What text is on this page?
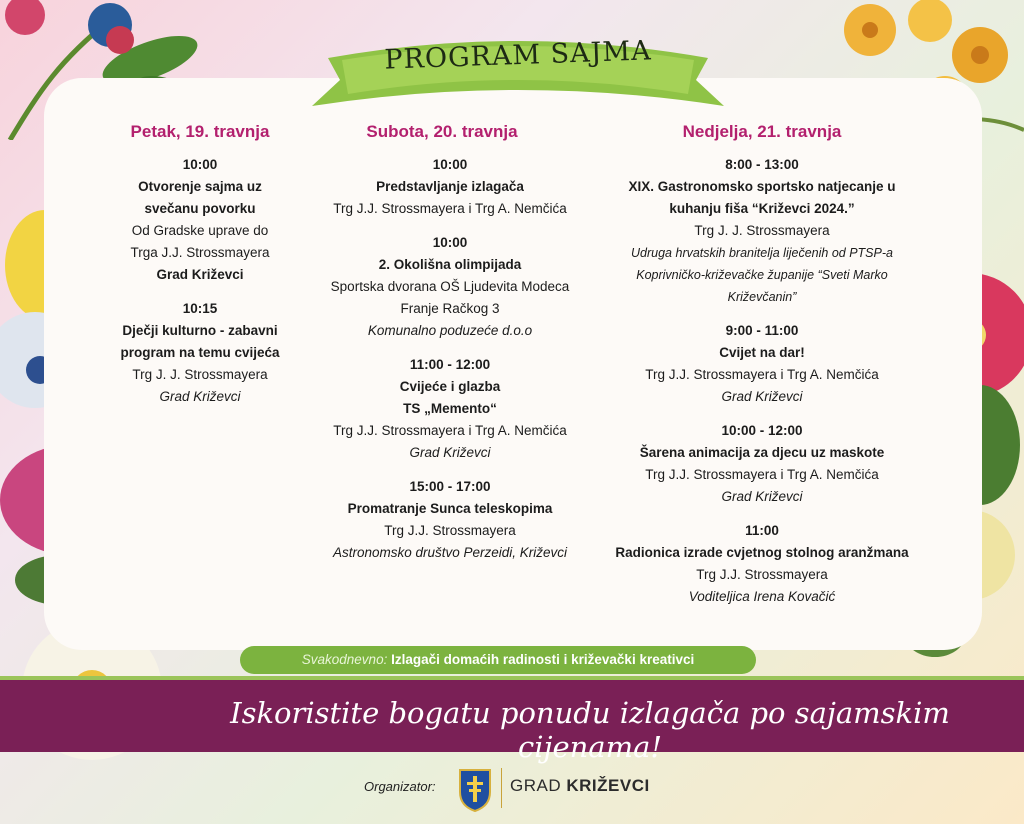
PROGRAM SAJMA
Petak, 19. travnja
10:00
Otvorenje sajma uz svečanu povorku
Od Gradske uprave do Trga J.J. Strossmayera
Grad Križevci
10:15
Dječji kulturno - zabavni program na temu cvijeća
Trg J. J. Strossmayera
Grad Križevci
Subota, 20. travnja
10:00
Predstavljanje izlagača
Trg J.J. Strossmayera i Trg A. Nemčića
10:00
2. Okolišna olimpijada
Sportska dvorana OŠ Ljudevita Modeca Franje Račkog 3
Komunalno poduzeće d.o.o
11:00 - 12:00
Cvijeće i glazba TS „Memento“
Trg J.J. Strossmayera i Trg A. Nemčića
Grad Križevci
15:00 - 17:00
Promatranje Sunca teleskopima
Trg J.J. Strossmayera
Astronomsko društvo Perzeidi, Križevci
Nedjelja, 21. travnja
8:00 - 13:00
XIX. Gastronomsko sportsko natjecanje u kuhanju fiša “Križevci 2024.”
Trg J. J. Strossmayera
Udruga hrvatskih branitelja liječenih od PTSP-a Koprivničko-križevačke županije “Sveti Marko Križevčanin”
9:00 - 11:00
Cvijet na dar!
Trg J.J. Strossmayera i Trg A. Nemčića
Grad Križevci
10:00 - 12:00
Šarena animacija za djecu uz maskote
Trg J.J. Strossmayera i Trg A. Nemčića
Grad Križevci
11:00
Radionica izrade cvjetnog stolnog aranžmana
Trg J.J. Strossmayera
Voditeljica Irena Kovačić
Svakodnevno: Izlagači domaćih radinosti i križevački kreativci
Iskoristite bogatu ponudu izlagača po sajamskim cijenama!
Organizator:	GRAD KRIŽEVCI
